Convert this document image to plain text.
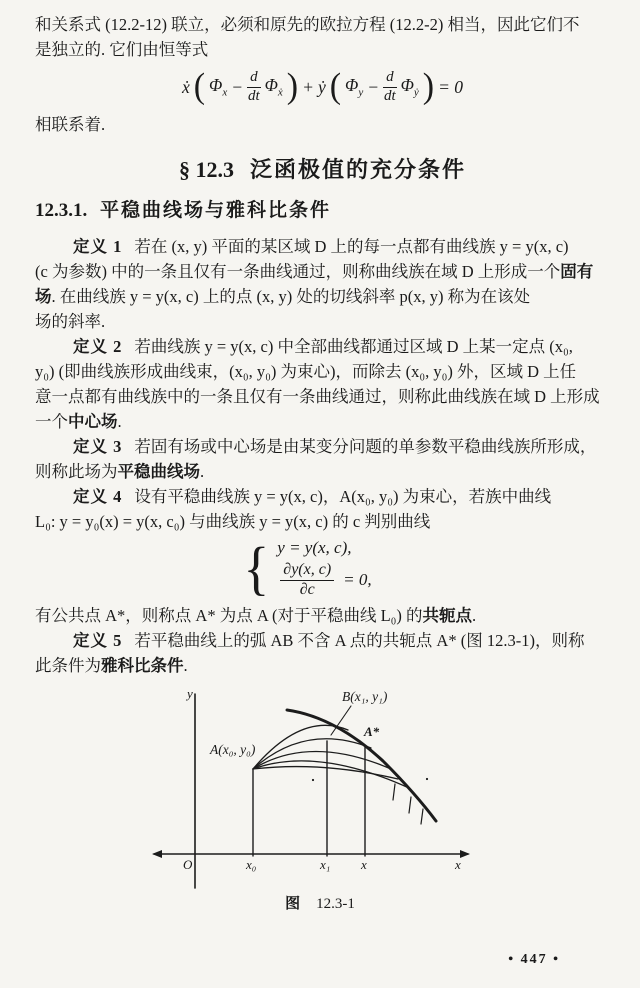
和关系式 (12.2-12) 联立，必须和原先的欧拉方程 (12.2-2) 相当，因此它们不
是独立的. 它们由恒等式
ẋ ( $\Phi_x - \frac{d}{dt} \Phi_ẋ$ ) + ẏ ( $\Phi_y - \frac{d}{dt} \Phi_ẏ$ ) = 0
相联系着.
§ 12.3 泛函极值的充分条件
12.3.1. 平稳曲线场与雅科比条件
定义 1 若在 (x, y) 平面的某区域 D 上的每一点都有曲线族 y = y(x, c)
(c 为参数) 中的一条且仅有一条曲线通过，则称曲线族在域 D 上形成一个固有
场. 在曲线族 y = y(x, c) 上的点 (x, y) 处的切线斜率 p(x, y) 称为在该处
场的斜率.
定义 2 若曲线族 y = y(x, c) 中全部曲线都通过区域 D 上某一定点 (x₀,
y₀) (即曲线族形成曲线束，(x₀, y₀) 为束心)，而除去 (x₀, y₀) 外，区域 D 上任
意一点都有曲线族中的一条且仅有一条曲线通过，则称此曲线族在域 D 上形成
一个中心场.
定义 3 若固有场或中心场是由某变分问题的单参数平稳曲线族所形成，
则称此场为平稳曲线场.
定义 4 设有平稳曲线族 y = y(x, c)，A(x₀, y₀) 为束心，若族中曲线
L₀: y = y₀(x) = y(x, c₀) 与曲线族 y = y(x, c) 的 c 判别曲线
{ y = y(x, c),
$\frac{\partial y(x, c)}{\partial c} = 0$,
有公共点 A*，则称点 A* 为点 A (对于平稳曲线 L₀) 的共轭点.
定义 5 若平稳曲线上的弧 AB 不含 A 点的共轭点 A* (图 12.3-1)，则称
此条件为雅科比条件.
y
x
O
A(x₀, y₀)
B(x₁, y₁)
A*
x₀	x₁ x
图 12.3-1
• 447 •
